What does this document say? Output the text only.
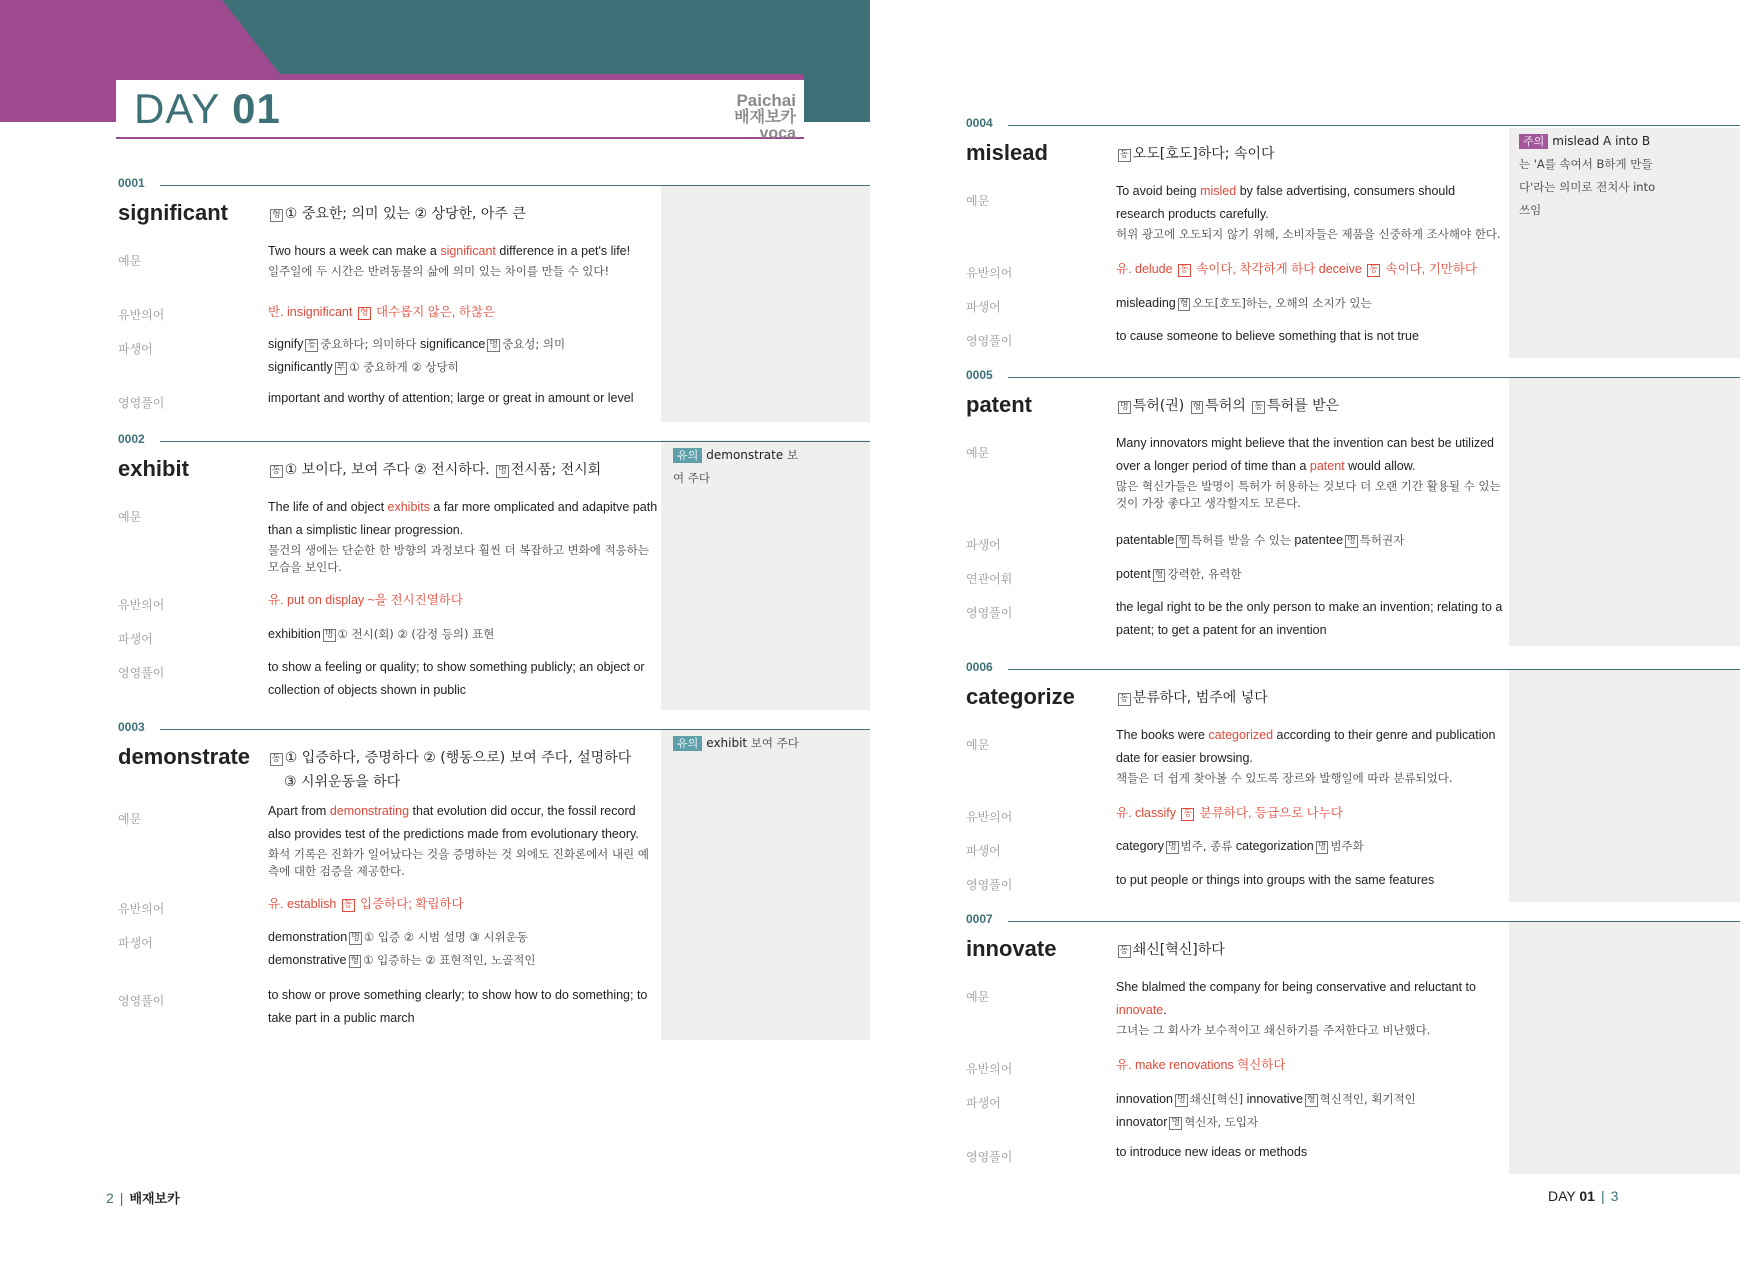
DAY 01	Paichai
배재보카 voca
0001
significant	형 ① 중요한; 의미 있는 ② 상당한, 아주 큰
예문
Two hours a week can make a significant difference in a pet's life!
일주일에 두 시간은 반려동물의 삶에 의미 있는 차이를 만들 수 있다!
유반의어	반. insignificant 형 대수롭지 않은, 하찮은
파생어	signify 동 중요하다; 의미하다 significance 명 중요성; 의미
significantly 부 ① 중요하게 ② 상당히
영영풀이	important and worthy of attention; large or great in amount or level
0002
exhibit	동 ① 보이다, 보여 주다 ② 전시하다. 명 전시품; 전시회
예문
The life of and object exhibits a far more omplicated and adapitve path than a simplistic linear progression.
물건의 생에는 단순한 한 방향의 과정보다 훨씬 더 복잡하고 변화에 적응하는 모습을 보인다.
유반의어	유. put on display ~을 전시진열하다
파생어	exhibition 명 ① 전시(회) ② (감정 등의) 표현
영영풀이	to show a feeling or quality; to show something publicly; an object or collection of objects shown in public
유의 demonstrate 보여 주다
0003
demonstrate	동 ① 입증하다, 증명하다 ② (행동으로) 보여 주다, 설명하다
③ 시위운동을 하다
예문
Apart from demonstrating that evolution did occur, the fossil record also provides test of the predictions made from evolutionary theory.
화석 기록은 진화가 일어났다는 것을 증명하는 것 외에도 진화론에서 내린 예측에 대한 검증을 제공한다.
유반의어	유. establish 동 입증하다; 확립하다
파생어	demonstration 명 ① 입증 ② 시범 설명 ③ 시위운동
demonstrative 형 ① 입증하는 ② 표현적인, 노골적인
영영풀이	to show or prove something clearly; to show how to do something; to take part in a public march
유의 exhibit 보여 주다
0004
mislead	동 오도[호도]하다; 속이다
예문
To avoid being misled by false advertising, consumers should research products carefully.
허위 광고에 오도되지 않기 위해, 소비자들은 제품을 신중하게 조사해야 한다.
유반의어	유. delude 동 속이다, 착각하게 하다 deceive 동 속이다, 기만하다
파생어	misleading 형 오도[호도]하는, 오해의 소지가 있는
영영풀이	to cause someone to believe something that is not true
주의 mislead A into B는 'A를 속여서 B하게 만들다'라는 의미로 전치사 into 쓰임
0005
patent	명 특허(권) 형 특허의 동 특허를 받은
예문
Many innovators might believe that the invention can best be utilized over a longer period of time than a patent would allow.
많은 혁신가들은 발명이 특허가 허용하는 것보다 더 오랜 기간 활용될 수 있는 것이 가장 좋다고 생각할지도 모른다.
파생어	patentable 형 특허를 받을 수 있는 patentee 명 특허권자
연관어휘	potent 형 강력한, 유력한
영영풀이	the legal right to be the only person to make an invention; relating to a patent; to get a patent for an invention
0006
categorize	동 분류하다, 범주에 넣다
예문
The books were categorized according to their genre and publication date for easier browsing.
책들은 더 쉽게 찾아볼 수 있도록 장르와 발행일에 따라 분류되었다.
유반의어	유. classify 동 분류하다, 등급으로 나누다
파생어	category 명 범주, 종류 categorization 명 범주화
영영풀이	to put people or things into groups with the same features
0007
innovate	동 쇄신[혁신]하다
예문
She blalmed the company for being conservative and reluctant to innovate.
그녀는 그 회사가 보수적이고 쇄신하기를 주저한다고 비난했다.
유반의어	유. make renovations 혁신하다
파생어	innovation 명 쇄신[혁신] innovative 형 혁신적인, 획기적인
innovator 명 혁신자, 도입자
영영풀이	to introduce new ideas or methods
2 | 배재보카	DAY 01 | 3
